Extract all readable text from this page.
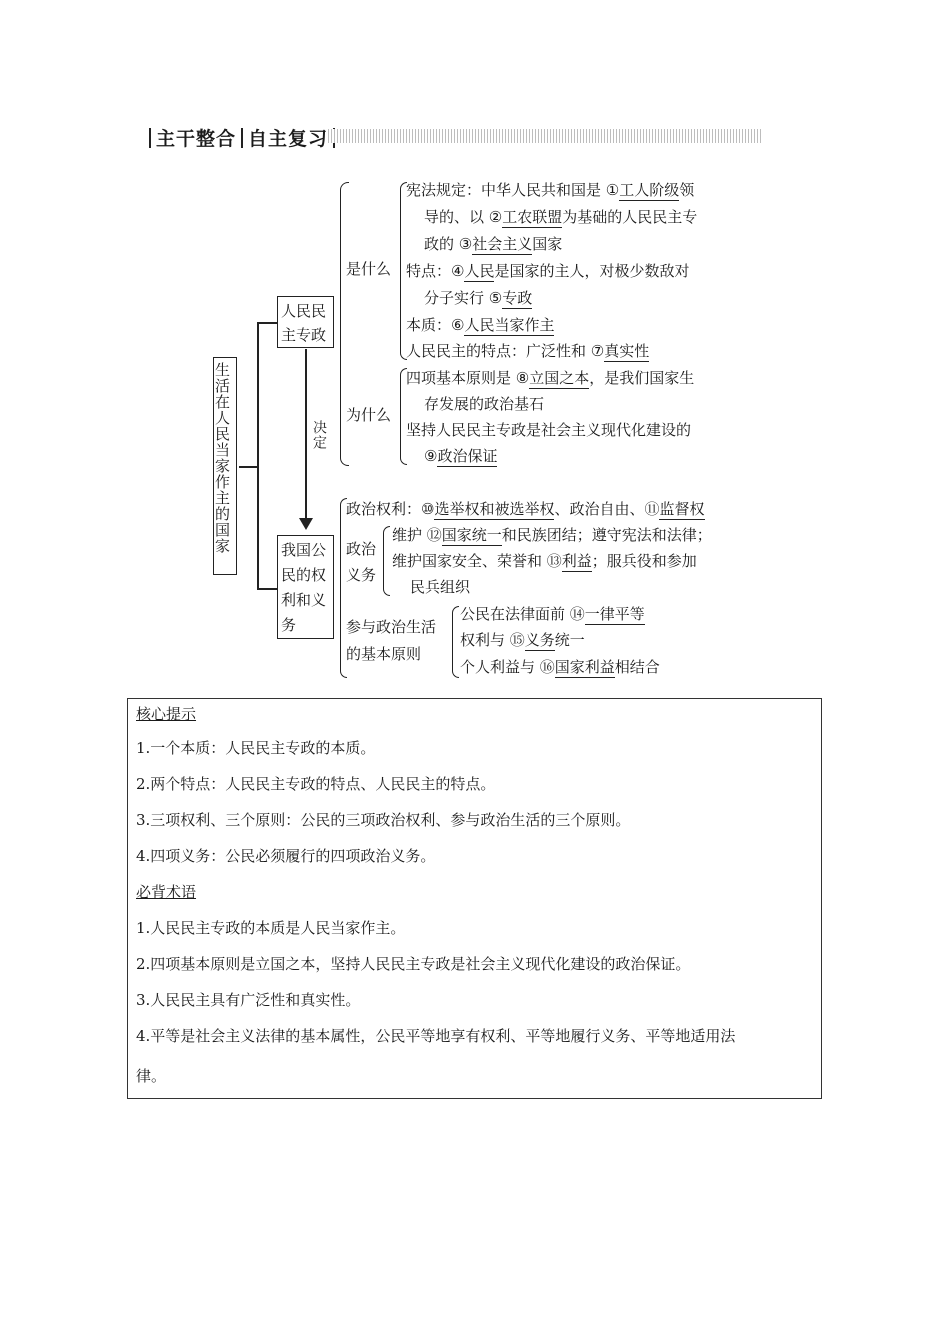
主干整合 自主复习
生活在人民当家作主的国家
人民民主专政
我国公民的权利和义务
决定
是什么
为什么
宪法规定：中华人民共和国是 ①工人阶级领
导的、以 ②工农联盟为基础的人民民主专
政的 ③社会主义国家
特点：④人民是国家的主人，对极少数敌对
分子实行 ⑤专政
本质：⑥人民当家作主
人民民主的特点：广泛性和 ⑦真实性
四项基本原则是 ⑧立国之本，是我们国家生
存发展的政治基石
坚持人民民主专政是社会主义现代化建设的
⑨政治保证
政治权利：⑩选举权和被选举权、政治自由、⑪监督权
政治
义务
维护 ⑫国家统一和民族团结；遵守宪法和法律；
维护国家安全、荣誉和 ⑬利益；服兵役和参加
民兵组织
参与政治生活
的基本原则
公民在法律面前 ⑭一律平等
权利与 ⑮义务统一
个人利益与 ⑯国家利益相结合
核心提示
1.一个本质：人民民主专政的本质。
2.两个特点：人民民主专政的特点、人民民主的特点。
3.三项权利、三个原则：公民的三项政治权利、参与政治生活的三个原则。
4.四项义务：公民必须履行的四项政治义务。
必背术语
1.人民民主专政的本质是人民当家作主。
2.四项基本原则是立国之本，坚持人民民主专政是社会主义现代化建设的政治保证。
3.人民民主具有广泛性和真实性。
4.平等是社会主义法律的基本属性，公民平等地享有权利、平等地履行义务、平等地适用法
律。
